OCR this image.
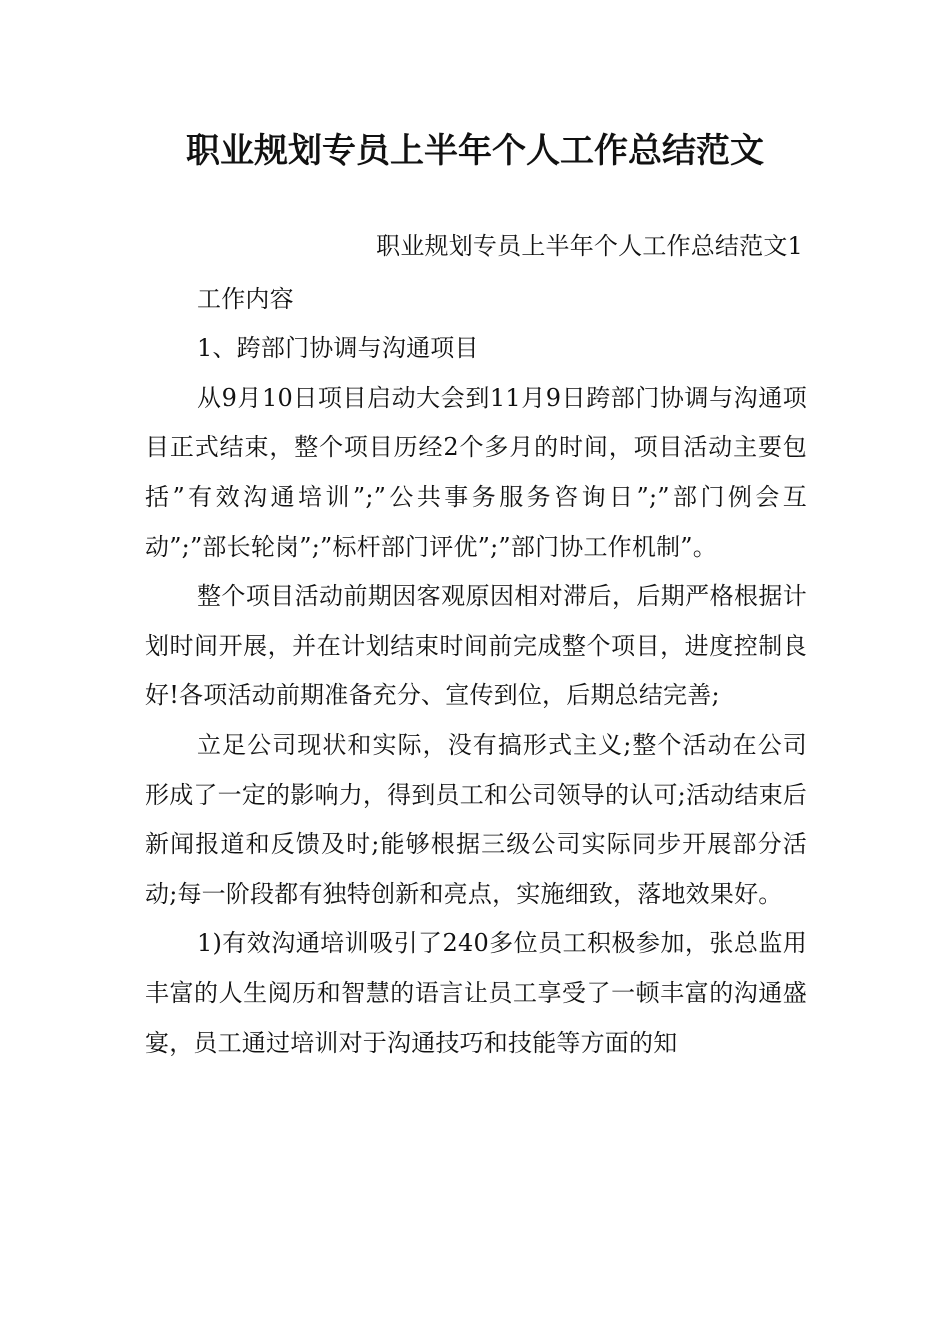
职业规划专员上半年个人工作总结范文

职业规划专员上半年个人工作总结范文1

工作内容

1、跨部门协调与沟通项目

从9月10日项目启动大会到11月9日跨部门协调与沟通项目正式结束，整个项目历经2个多月的时间，项目活动主要包括”有效沟通培训”;”公共事务服务咨询日”;”部门例会互动”;”部长轮岗”;”标杆部门评优”;”部门协工作机制”。

整个项目活动前期因客观原因相对滞后，后期严格根据计划时间开展，并在计划结束时间前完成整个项目，进度控制良好!各项活动前期准备充分、宣传到位，后期总结完善;

立足公司现状和实际，没有搞形式主义;整个活动在公司形成了一定的影响力，得到员工和公司领导的认可;活动结束后新闻报道和反馈及时;能够根据三级公司实际同步开展部分活动;每一阶段都有独特创新和亮点，实施细致，落地效果好。

1)有效沟通培训吸引了240多位员工积极参加，张总监用丰富的人生阅历和智慧的语言让员工享受了一顿丰富的沟通盛宴，员工通过培训对于沟通技巧和技能等方面的知
